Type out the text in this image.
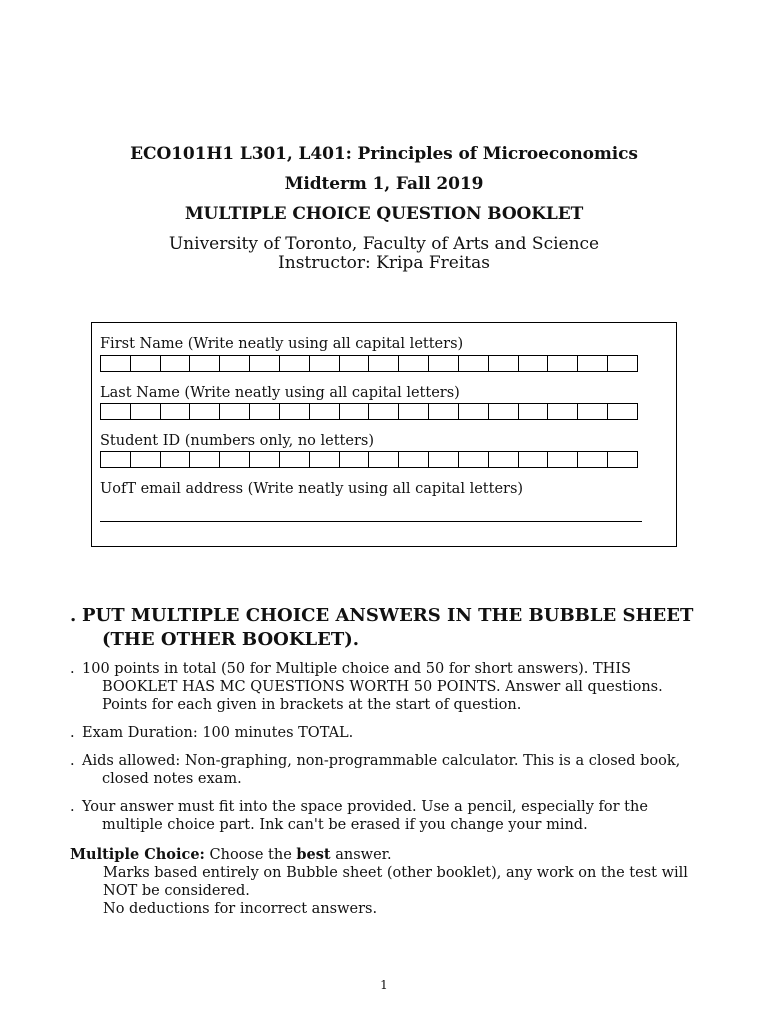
ECO101H1 L301, L401: Principles of Microeconomics
Midterm 1, Fall 2019
MULTIPLE CHOICE QUESTION BOOKLET
University of Toronto, Faculty of Arts and Science
Instructor: Kripa Freitas
First Name (Write neatly using all capital letters)
Last Name (Write neatly using all capital letters)
Student ID (numbers only, no letters)
UofT email address (Write neatly using all capital letters)
. PUT MULTIPLE CHOICE ANSWERS IN THE BUBBLE SHEET (THE OTHER BOOKLET).
. 100 points in total (50 for Multiple choice and 50 for short answers). THIS BOOKLET HAS MC QUESTIONS WORTH 50 POINTS. Answer all questions. Points for each given in brackets at the start of question.
. Exam Duration: 100 minutes TOTAL.
. Aids allowed: Non-graphing, non-programmable calculator. This is a closed book, closed notes exam.
. Your answer must fit into the space provided. Use a pencil, especially for the multiple choice part. Ink can't be erased if you change your mind.
Multiple Choice: Choose the best answer.
Marks based entirely on Bubble sheet (other booklet), any work on the test will NOT be considered.
No deductions for incorrect answers.
1
